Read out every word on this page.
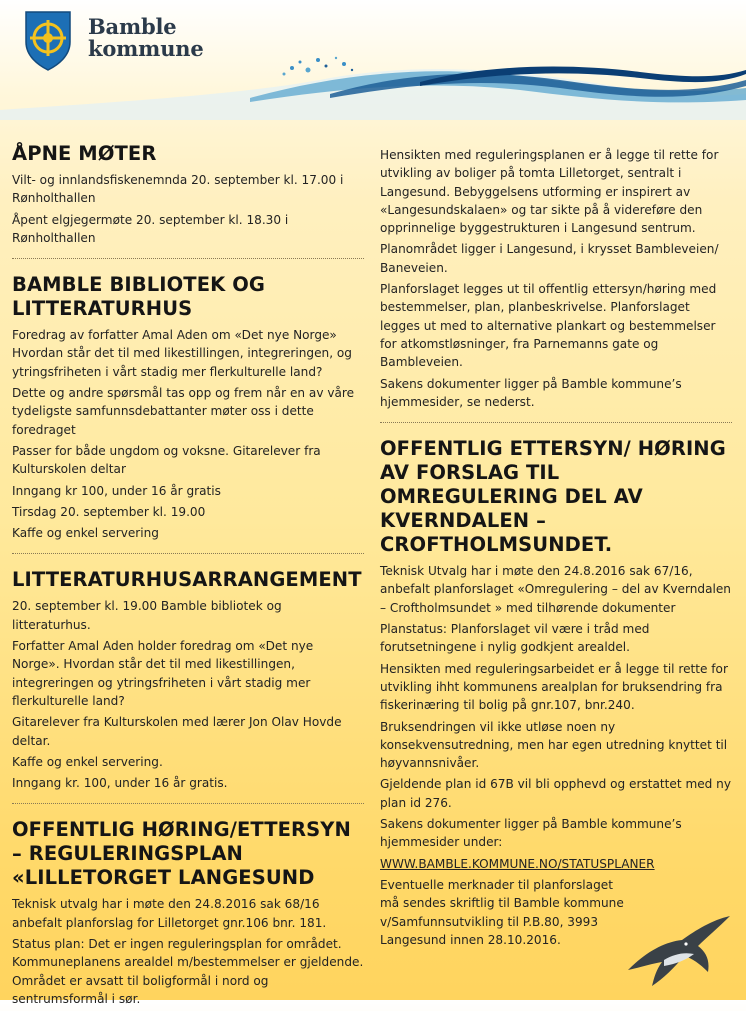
Bamble
kommune
ÅPNE MØTER

Vilt- og innlandsfiskenemnda 20. september kl. 17.00 i Rønholthallen

Åpent elgjegermøte 20. september kl. 18.30 i Rønholthallen

BAMBLE BIBLIOTEK OG LITTERATURHUS

Foredrag av forfatter Amal Aden om «Det nye Norge» Hvordan står det til med likestillingen, integreringen, og ytringsfriheten i vårt stadig mer flerkulturelle land?

Dette og andre spørsmål tas opp og frem når en av våre tydeligste samfunnsdebattanter møter oss i dette foredraget

Passer for både ungdom og voksne. Gitarelever fra Kulturskolen deltar

Inngang kr 100, under 16 år gratis

Tirsdag 20. september kl. 19.00

Kaffe og enkel servering

LITTERATURHUSARRANGEMENT

20. september kl. 19.00 Bamble bibliotek og litteraturhus.

Forfatter Amal Aden holder foredrag om «Det nye Norge». Hvordan står det til med likestillingen, integreringen og ytringsfriheten i vårt stadig mer flerkulturelle land?

Gitarelever fra Kulturskolen med lærer Jon Olav Hovde deltar.

Kaffe og enkel servering.

Inngang kr. 100, under 16 år gratis.

OFFENTLIG HØRING/ETTERSYN – REGULERINGSPLAN «LILLETORGET LANGESUND

Teknisk utvalg har i møte den 24.8.2016 sak 68/16 anbefalt planforslag for Lilletorget gnr.106 bnr. 181.

Status plan: Det er ingen reguleringsplan for området. Kommuneplanens arealdel m/bestemmelser er gjeldende. Området er avsatt til boligformål i nord og sentrumsformål i sør.

Hensikten med reguleringsplanen er å legge til rette for utvikling av boliger på tomta Lilletorget, sentralt i Langesund. Bebyggelsens utforming er inspirert av «Langesundskalaen» og tar sikte på å videreføre den opprinnelige byggestrukturen i Langesund sentrum.

Planområdet ligger i Langesund, i krysset Bambleveien/ Baneveien.

Planforslaget legges ut til offentlig ettersyn/høring med bestemmelser, plan, planbeskrivelse. Planforslaget legges ut med to alternative plankart og bestemmelser for atkomstløsninger, fra Parnemanns gate og Bambleveien.

Sakens dokumenter ligger på Bamble kommune’s hjemmesider, se nederst.

OFFENTLIG ETTERSYN/ HØRING AV FORSLAG TIL OMREGULERING DEL AV KVERNDALEN – CROFTHOLMSUNDET.

Teknisk Utvalg har i møte den 24.8.2016 sak 67/16, anbefalt planforslaget «Omregulering – del av Kverndalen – Croftholmsundet » med tilhørende dokumenter

Planstatus: Planforslaget vil være i tråd med forutsetningene i nylig godkjent arealdel.

Hensikten med reguleringsarbeidet er å legge til rette for utvikling ihht kommunens arealplan for bruksendring fra fiskerinæring til bolig på gnr.107, bnr.240.

Bruksendringen vil ikke utløse noen ny konsekvensutredning, men har egen utredning knyttet til høyvannsnivåer.

Gjeldende plan id 67B vil bli opphevd og erstattet med ny plan id 276.

Sakens dokumenter ligger på Bamble kommune’s hjemmesider under:

WWW.BAMBLE.KOMMUNE.NO/STATUSPLANER

Eventuelle merknader til planforslaget må sendes skriftlig til Bamble kommune v/Samfunnsutvikling til P.B.80, 3993 Langesund innen 28.10.2016.
